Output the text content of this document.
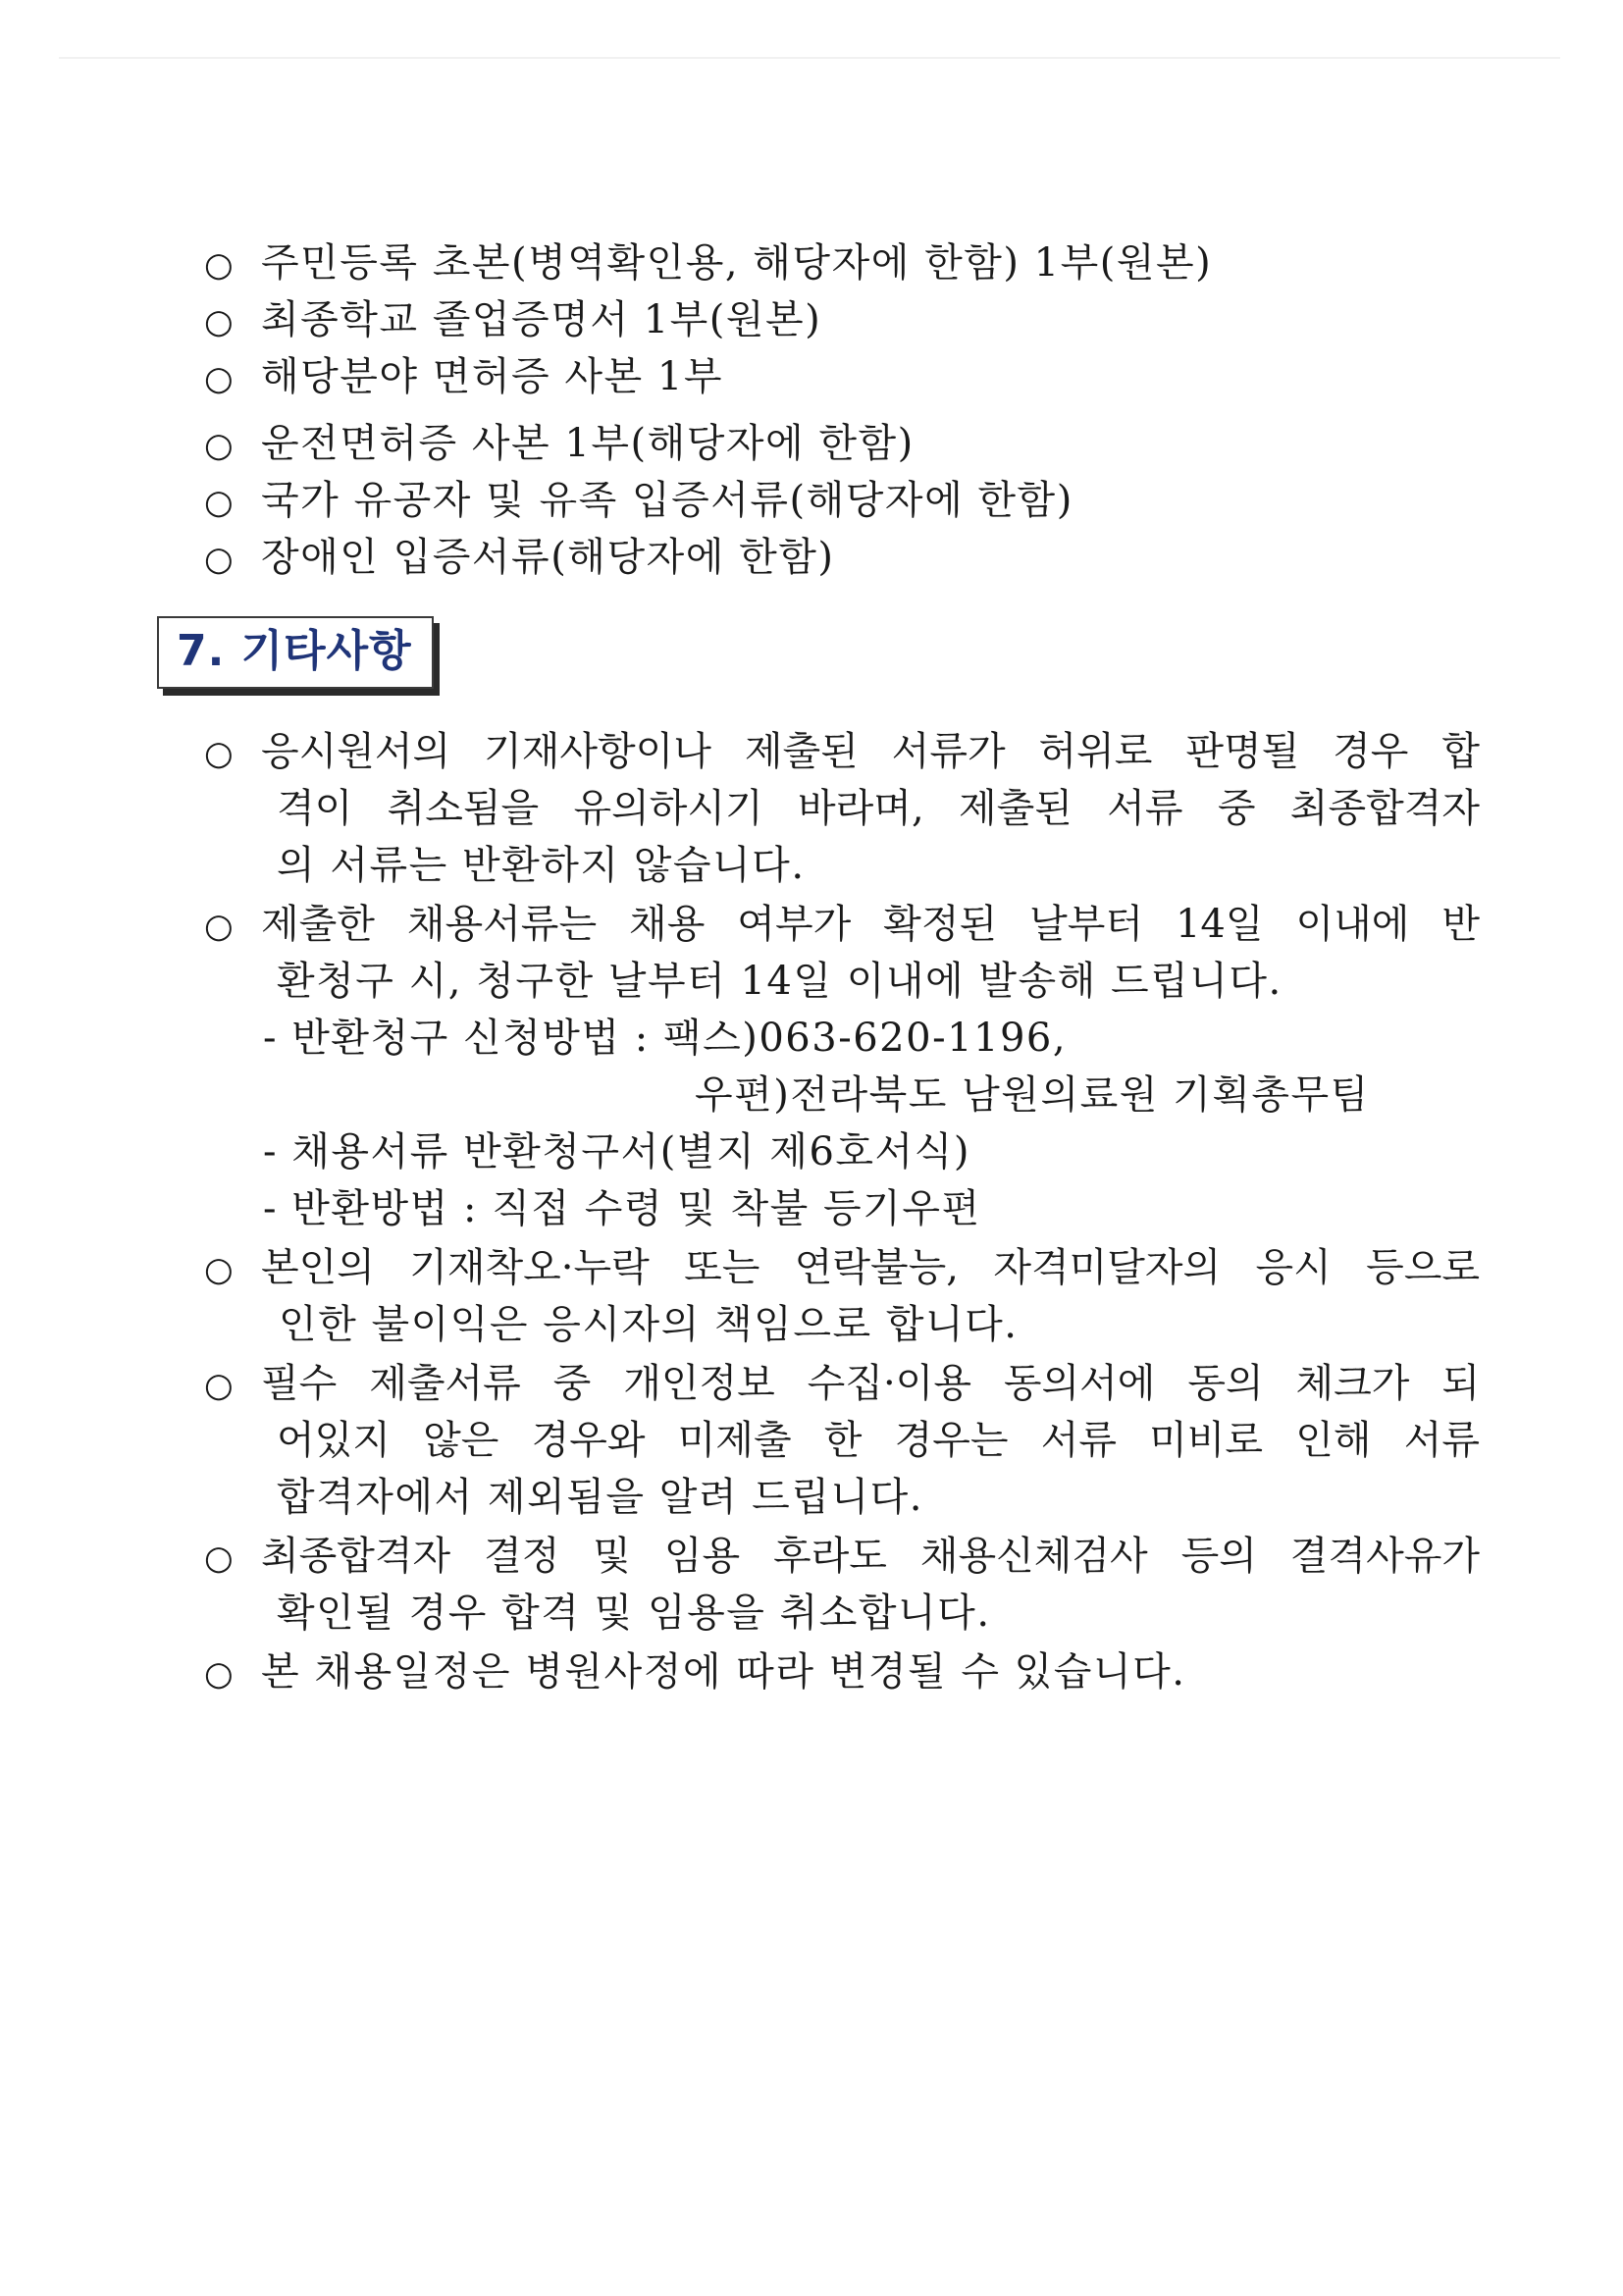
○ 주민등록 초본(병역확인용, 해당자에 한함) 1부(원본)
○ 최종학교 졸업증명서 1부(원본)
○ 해당분야 면허증 사본 1부
○ 운전면허증 사본 1부(해당자에 한함)
○ 국가 유공자 및 유족 입증서류(해당자에 한함)
○ 장애인 입증서류(해당자에 한함)
7. 기타사항
○ 응시원서의 기재사항이나 제출된 서류가 허위로 판명될 경우 합
격이 취소됨을 유의하시기 바라며, 제출된 서류 중 최종합격자
의 서류는 반환하지 않습니다.
○ 제출한 채용서류는 채용 여부가 확정된 날부터 14일 이내에 반
환청구 시, 청구한 날부터 14일 이내에 발송해 드립니다.
- 반환청구 신청방법 : 팩스)063-620-1196,
우편)전라북도 남원의료원 기획총무팀
- 채용서류 반환청구서(별지 제6호서식)
- 반환방법 : 직접 수령 및 착불 등기우편
○ 본인의 기재착오·누락 또는 연락불능, 자격미달자의 응시 등으로
인한 불이익은 응시자의 책임으로 합니다.
○ 필수 제출서류 중 개인정보 수집·이용 동의서에 동의 체크가 되
어있지 않은 경우와 미제출 한 경우는 서류 미비로 인해 서류
합격자에서 제외됨을 알려 드립니다.
○ 최종합격자 결정 및 임용 후라도 채용신체검사 등의 결격사유가
확인될 경우 합격 및 임용을 취소합니다.
○ 본 채용일정은 병원사정에 따라 변경될 수 있습니다.
